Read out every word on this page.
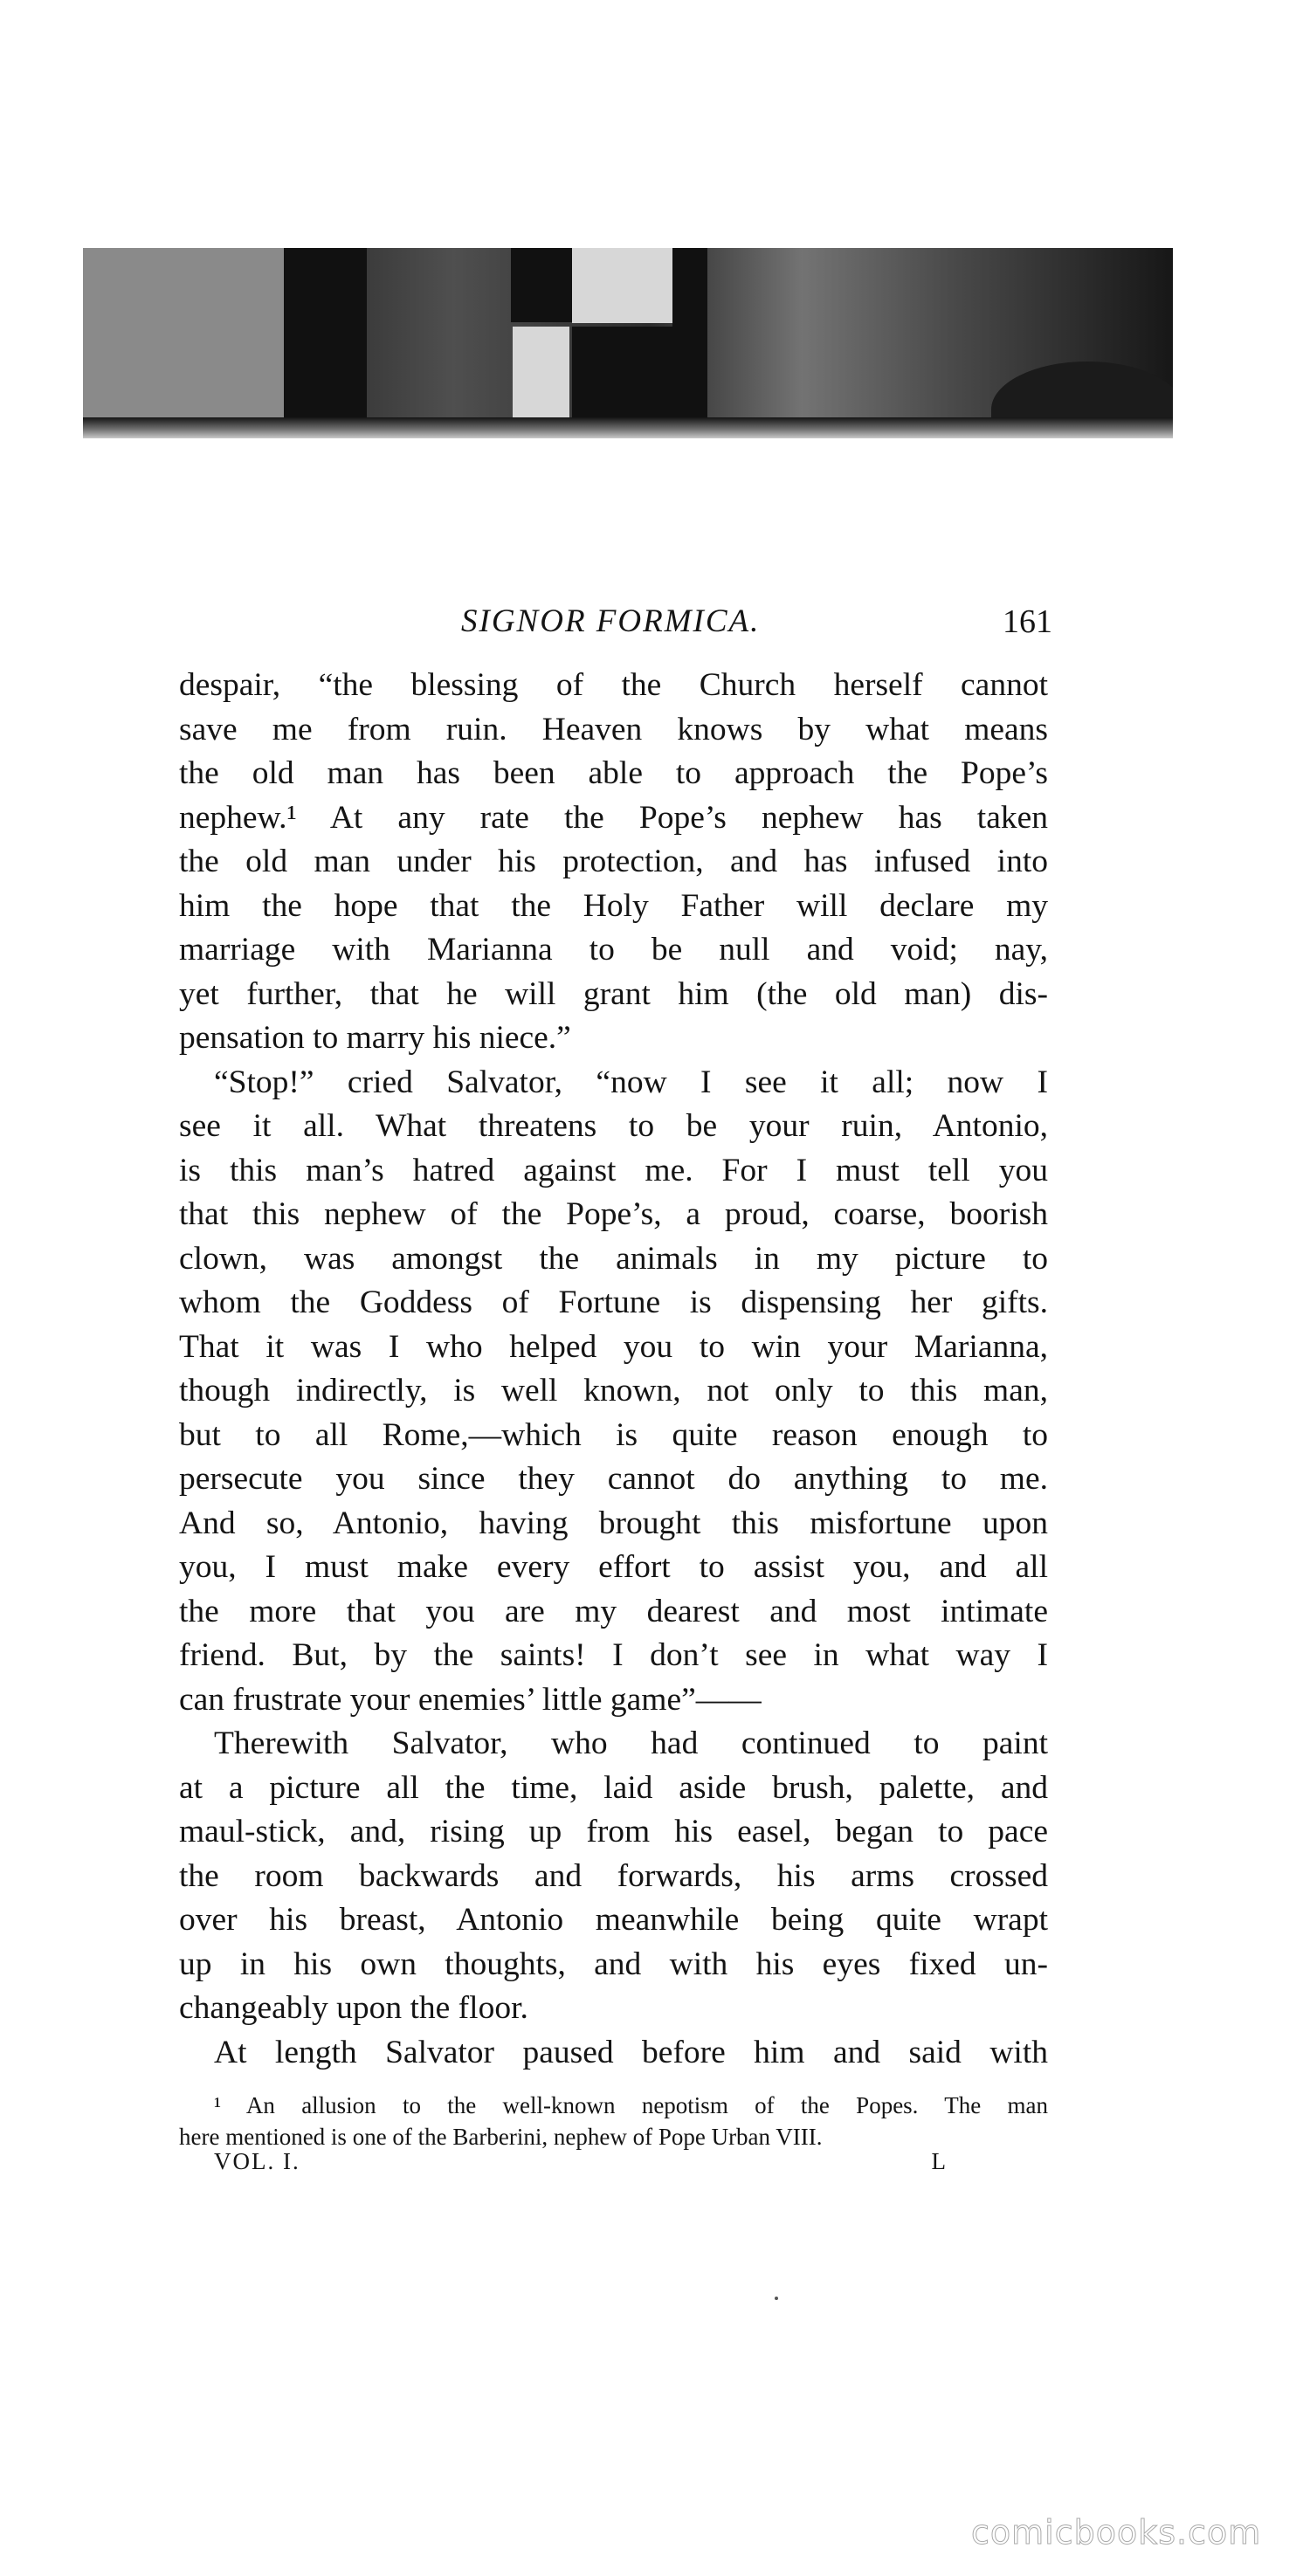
SIGNOR FORMICA.	161
despair, “the blessing of the Church herself cannot
save me from ruin. Heaven knows by what means
the old man has been able to approach the Pope’s
nephew.¹ At any rate the Pope’s nephew has taken
the old man under his protection, and has infused into
him the hope that the Holy Father will declare my
marriage with Marianna to be null and void; nay,
yet further, that he will grant him (the old man) dis-
pensation to marry his niece.”
“Stop!” cried Salvator, “now I see it all; now I
see it all. What threatens to be your ruin, Antonio,
is this man’s hatred against me. For I must tell you
that this nephew of the Pope’s, a proud, coarse, boorish
clown, was amongst the animals in my picture to
whom the Goddess of Fortune is dispensing her gifts.
That it was I who helped you to win your Marianna,
though indirectly, is well known, not only to this man,
but to all Rome,—which is quite reason enough to
persecute you since they cannot do anything to me.
And so, Antonio, having brought this misfortune upon
you, I must make every effort to assist you, and all
the more that you are my dearest and most intimate
friend. But, by the saints! I don’t see in what way I
can frustrate your enemies’ little game”——
Therewith Salvator, who had continued to paint
at a picture all the time, laid aside brush, palette, and
maul-stick, and, rising up from his easel, began to pace
the room backwards and forwards, his arms crossed
over his breast, Antonio meanwhile being quite wrapt
up in his own thoughts, and with his eyes fixed un-
changeably upon the floor.
At length Salvator paused before him and said with
¹ An allusion to the well-known nepotism of the Popes. The man
here mentioned is one of the Barberini, nephew of Pope Urban VIII.
VOL. I.	L
comicbooks.com
